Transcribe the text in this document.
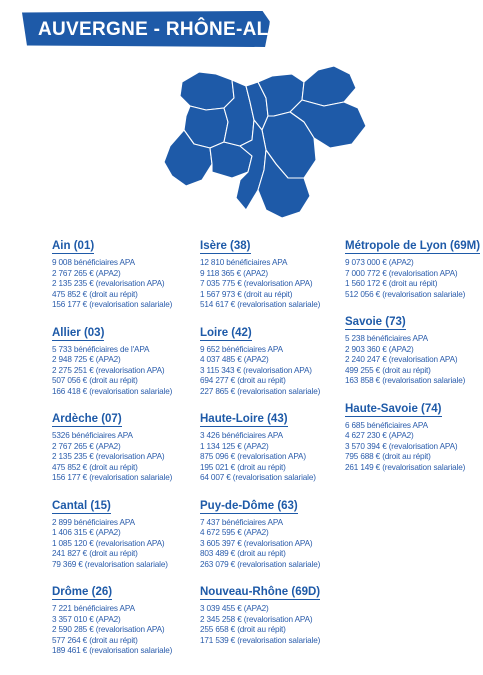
AUVERGNE - RHÔNE-ALPES
Ain (01)
9 008 bénéficiaires APA
2 767 265 € (APA2)
2 135 235 € (revalorisation APA)
475 852 € (droit au répit)
156 177 € (revalorisation salariale)
Allier (03)
5 733 bénéficiaires de l'APA
2 948 725 € (APA2)
2 275 251 € (revalorisation APA)
507 056 € (droit au répit)
166 418 € (revalorisation salariale)
Ardèche (07)
5326 bénéficiaires APA
2 767 265 € (APA2)
2 135 235 € (revalorisation APA)
475 852 € (droit au répit)
156 177 € (revalorisation salariale)
Cantal (15)
2 899 bénéficiaires APA
1 406 315 € (APA2)
1 085 120 € (revalorisation APA)
241 827 € (droit au répit)
79 369 € (revalorisation salariale)
Drôme (26)
7 221 bénéficiaires APA
3 357 010 € (APA2)
2 590 285 € (revalorisation APA)
577 264 € (droit au répit)
189 461 € (revalorisation salariale)
Isère (38)
12 810 bénéficiaires APA
9 118 365 € (APA2)
7 035 775 € (revalorisation APA)
1 567 973 € (droit au répit)
514 617 € (revalorisation salariale)
Loire (42)
9 652 bénéficiaires APA
4 037 485 € (APA2)
3 115 343 € (revalorisation APA)
694 277 € (droit au répit)
227 865 € (revalorisation salariale)
Haute-Loire (43)
3 426 bénéficiaires APA
1 134 125 € (APA2)
875 096 € (revalorisation APA)
195 021 € (droit au répit)
64 007 € (revalorisation salariale)
Puy-de-Dôme (63)
7 437 bénéficiaires APA
4 672 595 € (APA2)
3 605 397 € (revalorisation APA)
803 489 € (droit au répit)
263 079 € (revalorisation salariale)
Nouveau-Rhône (69D)
3 039 455 € (APA2)
2 345 258 € (revalorisation APA)
255 658 € (droit au répit)
171 539 € (revalorisation salariale)
Métropole de Lyon (69M)
9 073 000 € (APA2)
7 000 772 € (revalorisation APA)
1 560 172 € (droit au répit)
512 056 € (revalorisation salariale)
Savoie (73)
5 238 bénéficiaires APA
2 903 360 € (APA2)
2 240 247 € (revalorisation APA)
499 255 € (droit au répit)
163 858 € (revalorisation salariale)
Haute-Savoie (74)
6 685 bénéficiaires APA
4 627 230 € (APA2)
3 570 394 € (revalorisation APA)
795 688 € (droit au répit)
261 149 € (revalorisation salariale)
